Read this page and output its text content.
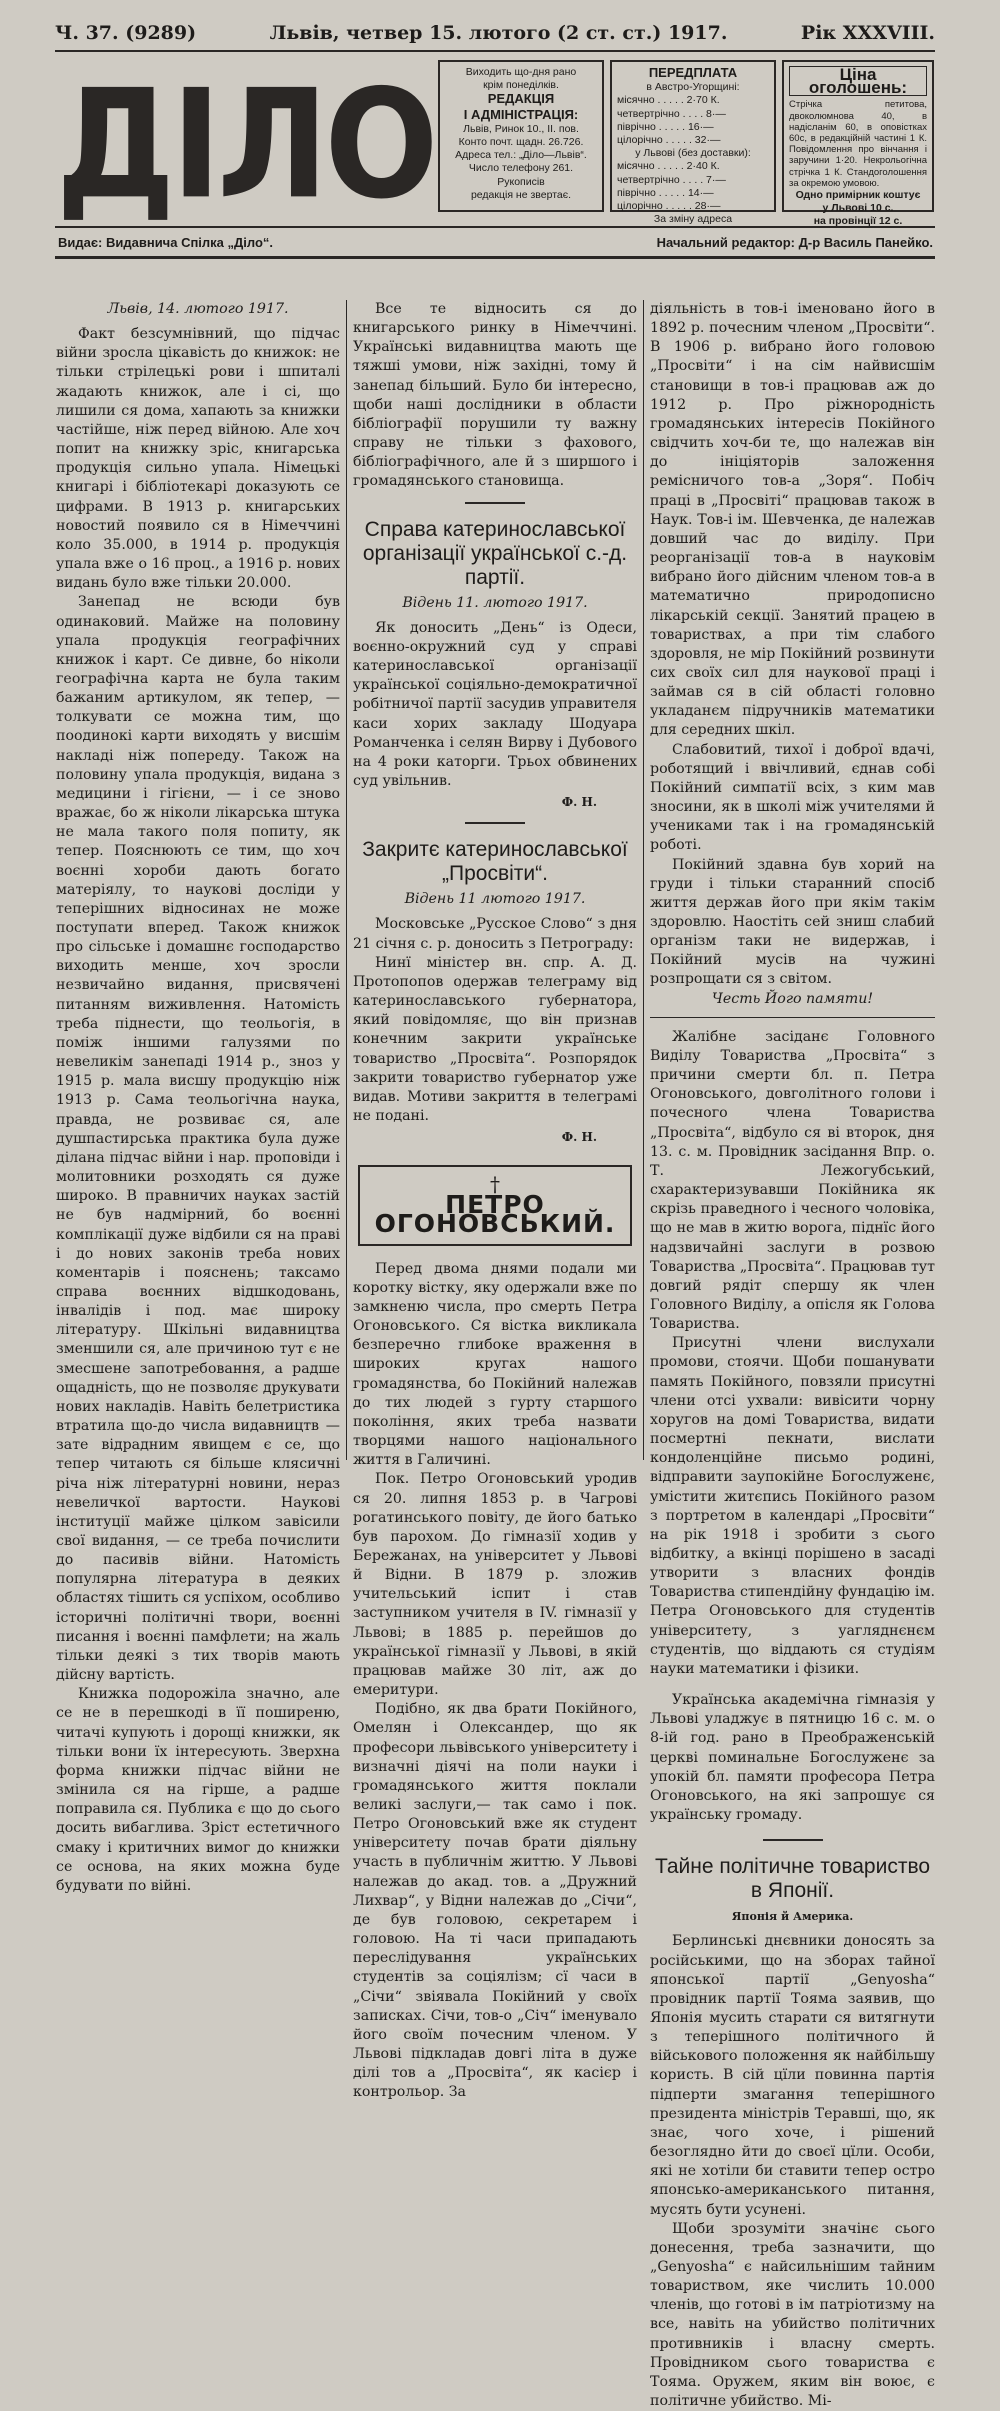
Ч. 37. (9289)	Львів, четвер 15. лютого (2 ст. ст.) 1917.	Рік XXXVIII.
ДІЛО	Виходить що-дня рано
крім понеділків.
РЕДАКЦІЯ
І АДМІНІСТРАЦІЯ:
Львів, Ринок 10., II. пов.
Конто почт. щадн. 26.726.
Адреса тел.: „Діло—Львів“.
Число телефону 261.
Рукописів
редакція не звертає.
ПЕРЕДПЛАТА
в Австро-Угорщині:
місячно . . . . . 2·70 К.
четвертрічно . . . . 8·—
піврічно . . . . . 16·—
цілорічно . . . . . 32·—
у Львові (без доставки):
місячно . . . . . 2·40 К.
четвертрічно . . . . 7·—
піврічно . . . . . 14·—
цілорічно . . . . . 28·—
За зміну адреса
Ціна оголошень:
Стрічка петитова, двоколюмнова 40, в надісланім 60, в оповістках 60с, в редакційній частині 1 К. Повідомлення про вінчання і заручини 1·20. Некрольогічна стрічка 1 К. Стандоголошення за окремою умовою.
Одно примірник коштує
у Львові 10 с.
на провінції 12 с.
Видає: Видавнича Спілка „Діло“.	Начальний редактор: Д-р Василь Панейко.
Львів, 14. лютого 1917.

Факт безсумнівний, що підчас війни зросла цікавість до книжок: не тільки стрілецькі рови і шпиталі жадають книжок, але і сі, що лишили ся дома, хапають за книжки частійше, ніж перед війною. Але хоч попит на книжку зріс, книгарська продукція сильно упала. Німецькі книгарі і бібліотекарі доказують се цифрами. В 1913 р. книгарських новостий появило ся в Німеччині коло 35.000, в 1914 р. продукція упала вже о 16 проц., а 1916 р. нових видань було вже тільки 20.000.

Занепад не всюди був одинаковий. Майже на половину упала продукція географічних книжок і карт. Се дивне, бо ніколи географічна карта не була таким бажаним артикулом, як тепер, — толкувати се можна тим, що поодинокі карти виходять у висшім накладі ніж попереду. Також на половину упала продукція, видана з медицини і гігієни, — і се зново вражає, бо ж ніколи лікарська штука не мала такого поля попиту, як тепер. Пояснюють се тим, що хоч воєнні хороби дають богато матеріялу, то наукові досліди у теперішних відносинах не може поступати вперед. Також книжок про сільське і домашнє господарство виходить менше, хоч зросли незвичайно видання, присвячені питанням виживлення. Натомість треба піднести, що теольогія, в поміж іншими галузями по невеликім занепаді 1914 р., зноз у 1915 р. мала висшу продукцію ніж 1913 р. Сама теольогічна наука, правда, не розвиває ся, але душпастирська практика була дуже ділана підчас війни і нар. проповіди і молитовники розходять ся дуже широко. В правничих науках застій не був надмірний, бо воєнні комплікації дуже відбили ся на праві і до нових законів треба нових коментарів і пояснень; таксамо справа воєнних відшкодовань, інвалідів і под. має широку літературу. Шкільні видавництва зменшили ся, але причиною тут є не змесшене запотребовання, а радше ощадність, що не позволяє друкувати нових накладів. Навіть белетристика втратила що-до числа видавництв — зате відрадним явищем є се, що тепер читають ся більше клясичні річа ніж літературні новини, нераз невеличкої вартости. Наукові інституції майже цілком завісили свої видання, — се треба почислити до пасивів війни. Натомість популярна література в деяких областях тішить ся успіхом, особливо історичні політичні твори, воєнні писання і воєнні памфлети; на жаль тільки деякі з тих творів мають дійсну вартість.

Книжка подорожіла значно, але се не в перешкоді в її поширеню, читачі купують і дорощі книжки, як тільки вони їх інтересують. Зверхна форма книжки підчас війни не змінила ся на гірше, а радше поправила ся. Публика є що до сього досить вибаглива. Зріст естетичного смаку і критичних вимог до книжки се основа, на яких можна буде будувати по війні.

Все те відносить ся до книгарського ринку в Німеччині. Українські видавництва мають ще тяжші умови, ніж західні, тому й занепад більший. Було би інтересно, щоби наші дослідники в области бібліографії порушили ту важну справу не тільки з фахового, бібліографічного, але й з ширшого і громадянського становища.

Справа катеринославської організації української с.-д. партії.
Відень 11. лютого 1917.

Як доносить „День“ із Одеси, воєнно-окружний суд у справі катеринославської організації української соціяльно-демократичної робітничої партії засудив управителя каси хорих закладу Шодуара Романченка і селян Вирву і Дубового на 4 роки каторги. Трьох обвинених суд увільнив.

Ф. Н.
Закритє катеринославської „Просвіти“.
Відень 11 лютого 1917.

Московське „Русское Слово“ з дня 21 січня с. р. доносить з Петрограду:

Нинї міністер вн. спр. А. Д. Протопопов одержав телеграму від катеринославського губернатора, який повідомляє, що він признав конечним закрити українське товариство „Просвіта“. Розпорядок закрити товариство губернатор уже видав. Мотиви закриття в телеграмі не подані.

Ф. Н.
†
ПЕТРО ОГОНОВСЬКИЙ.

Перед двома днями подали ми коротку вістку, яку одержали вже по замкненю числа, про смерть Петра Огоновського. Ся вістка викликала безперечно глибоке враження в широких кругах нашого громадянства, бо Покійний належав до тих людей з гурту старшого покоління, яких треба назвати творцями нашого національного життя в Галичині.

Пок. Петро Огоновський уродив ся 20. липня 1853 р. в Чагрові рогатинського повіту, де його батько був парохом. До гімназії ходив у Бережанах, на університет у Львові й Відни. В 1879 р. зложив учительський іспит і став заступником учителя в IV. гімназії у Львові; в 1885 р. перейшов до української гімназії у Львові, в якій працював майже 30 літ, аж до емеритури.

Подібно, як два брати Покійного, Омелян і Олександер, що як професори львівського університету і визначні діячі на поли науки і громадянського життя поклали великі заслуги,— так само і пок. Петро Огоновський вже як студент університету почав брати діяльну участь в публичнім життю. У Львові належав до акад. тов. а „Дружний Лихвар“, у Відни належав до „Січи“, де був головою, секретарем і головою. На ті часи припадають переслідування українських студентів за соціялізм; сї часи в „Січи“ звіявала Покійний у своїх записках. Січи, тов-о „Січ“ іменувало його своїм почесним членом. У Львові підкладав довгі літа в дуже ділі тов а „Просвіта“, як касієр і контрольор. За

діяльність в тов-і іменовано його в 1892 р. почесним членом „Просвіти“. В 1906 р. вибрано його головою „Просвіти“ і на сім найвисшім становищи в тов-і працював аж до 1912 р. Про ріжнородність громадянських інтересів Покійного свідчить хоч-би те, що належав він до ініціяторів заложення ремісничого тов-а „Зоря“. Побіч праці в „Просвіті“ працював також в Наук. Тов-і ім. Шевченка, де належав довший час до виділу. При реорганізації тов-а в науковім вибрано його дійсним членом тов-а в математично природописно лікарській секції. Занятий працею в товариствах, а при тім слабого здоровля, не мір Покійний розвинути сих своїх сил для наукової праці і займав ся в сій області головно укладанєм підручників математики для середних шкіл.

Слабовитий, тихої і доброї вдачі, роботящий і ввічливий, єднав собі Покійний симпатії всіх, з ким мав зносини, як в школі між учителями й учениками так і на громадянській роботі.

Покійний здавна був хорий на груди і тільки старанний спосіб життя держав його при якім такім здоровлю. Наостіть сей зниш слабий організм таки не видержав, і Покійний мусів на чужині розпрощати ся з світом.

Честь Його памяти!

Жалібне засіданє Головного Виділу Товариства „Просвіта“ з причини смерти бл. п. Петра Огоновського, довголітного голови і почесного члена Товариства „Просвіта“, відбуло ся ві второк, дня 13. с. м. Провідник засідання Впр. о. Т. Лежогубський, схарактеризувавши Покійника як скрізь праведного і чесного чоловіка, що не мав в житю ворога, піднїс його надзвичайні заслуги в розвою Товариства „Просвіта“. Працював тут довгий рядіт спершу як член Головного Виділу, а опісля як Голова Товариства.

Присутні члени вислухали промови, стоячи. Щоби пошанувати память Покійного, повзяли присутні члени отсі ухвали: вивісити чорну хоругов на домі Товариства, видати посмертні пекнати, вислати кондоленційне письмо родині, відправити заупокійне Богослуженє, умістити житєпись Покійного разом з портретом в календарі „Просвіти“ на рік 1918 і зробити з сього відбитку, а вкінці порішено в засаді утворити з власних фондів Товариства стипендійну фундацію ім. Петра Огоновського для студентів університету, з уагляднєнєм студентів, що віддають ся студіям науки математики і фізики.

Українська академічна гімназія у Львові уладжує в пятницю 16 с. м. о 8-ій год. рано в Преображенській церкві поминальне Богослуженє за упокій бл. памяти професора Петра Огоновського, на які запрошує ся українську громаду.

Тайне політичне товариство в Японії.
Японія й Америка.

Берлинські днєвники доносять за російськими, що на зборах тайної японської партії „Genyosha“ провідник партії Тояма заявив, що Японія мусить старати ся витягнути з теперішного політичного й військового положення як найбільшу користь. В сій цїли повинна партія підперти змагання теперішного президента міністрів Теравші, що, як знає, чого хоче, і рішений безоглядно йти до своєї цїли. Особи, які не хотіли би ставити тепер остро японсько-американського питання, мусять бути усунені.

Щоби зрозуміти значінє сього донесення, треба зазначити, що „Genyosha“ є найсильнішим тайним товариством, яке числить 10.000 членів, що готові в ім патріотизму на все, навіть на убийство політичних противників і власну смерть. Провідником сього товариства є Тояма. Оружем, яким він воює, є політичне убийство. Мі-
